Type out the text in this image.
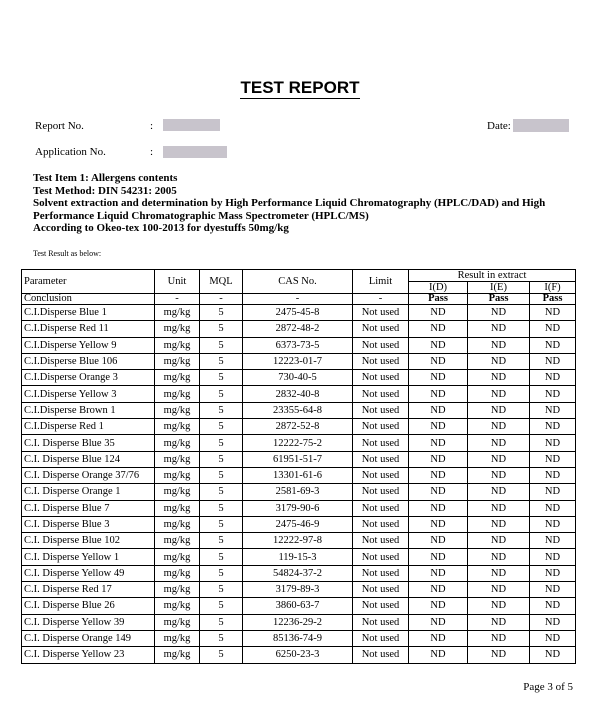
TEST REPORT
Report No.	:	Date:
Application No.	:
Test Item 1: Allergens contents
Test Method: DIN 54231: 2005
Solvent extraction and determination by High Performance Liquid Chromatography (HPLC/DAD) and High
Performance Liquid Chromatographic Mass Spectrometer (HPLC/MS)
According to Okeo-tex 100-2013 for dyestuffs 50mg/kg
Test Result as below:
Parameter	Unit	MQL	CAS No.	Limit	Result in extract		
					I(D)	I(E)	I(F)
Conclusion	-	-	-	-	Pass	Pass	Pass
C.I.Disperse Blue 1	mg/kg	5	2475-45-8	Not used	ND	ND	ND
C.I.Disperse Red 11	mg/kg	5	2872-48-2	Not used	ND	ND	ND
C.I.Disperse Yellow 9	mg/kg	5	6373-73-5	Not used	ND	ND	ND
C.I.Disperse Blue 106	mg/kg	5	12223-01-7	Not used	ND	ND	ND
C.I.Disperse Orange 3	mg/kg	5	730-40-5	Not used	ND	ND	ND
C.I.Disperse Yellow 3	mg/kg	5	2832-40-8	Not used	ND	ND	ND
C.I.Disperse Brown 1	mg/kg	5	23355-64-8	Not used	ND	ND	ND
C.I.Disperse Red 1	mg/kg	5	2872-52-8	Not used	ND	ND	ND
C.I. Disperse Blue 35	mg/kg	5	12222-75-2	Not used	ND	ND	ND
C.I. Disperse Blue 124	mg/kg	5	61951-51-7	Not used	ND	ND	ND
C.I. Disperse Orange 37/76	mg/kg	5	13301-61-6	Not used	ND	ND	ND
C.I. Disperse Orange 1	mg/kg	5	2581-69-3	Not used	ND	ND	ND
C.I. Disperse Blue 7	mg/kg	5	3179-90-6	Not used	ND	ND	ND
C.I. Disperse Blue 3	mg/kg	5	2475-46-9	Not used	ND	ND	ND
C.I. Disperse Blue 102	mg/kg	5	12222-97-8	Not used	ND	ND	ND
C.I. Disperse Yellow 1	mg/kg	5	119-15-3	Not used	ND	ND	ND
C.I. Disperse Yellow 49	mg/kg	5	54824-37-2	Not used	ND	ND	ND
C.I. Disperse Red 17	mg/kg	5	3179-89-3	Not used	ND	ND	ND
C.I. Disperse Blue 26	mg/kg	5	3860-63-7	Not used	ND	ND	ND
C.I. Disperse Yellow 39	mg/kg	5	12236-29-2	Not used	ND	ND	ND
C.I. Disperse Orange 149	mg/kg	5	85136-74-9	Not used	ND	ND	ND
C.I. Disperse Yellow 23	mg/kg	5	6250-23-3	Not used	ND	ND	ND
Page 3 of 5
